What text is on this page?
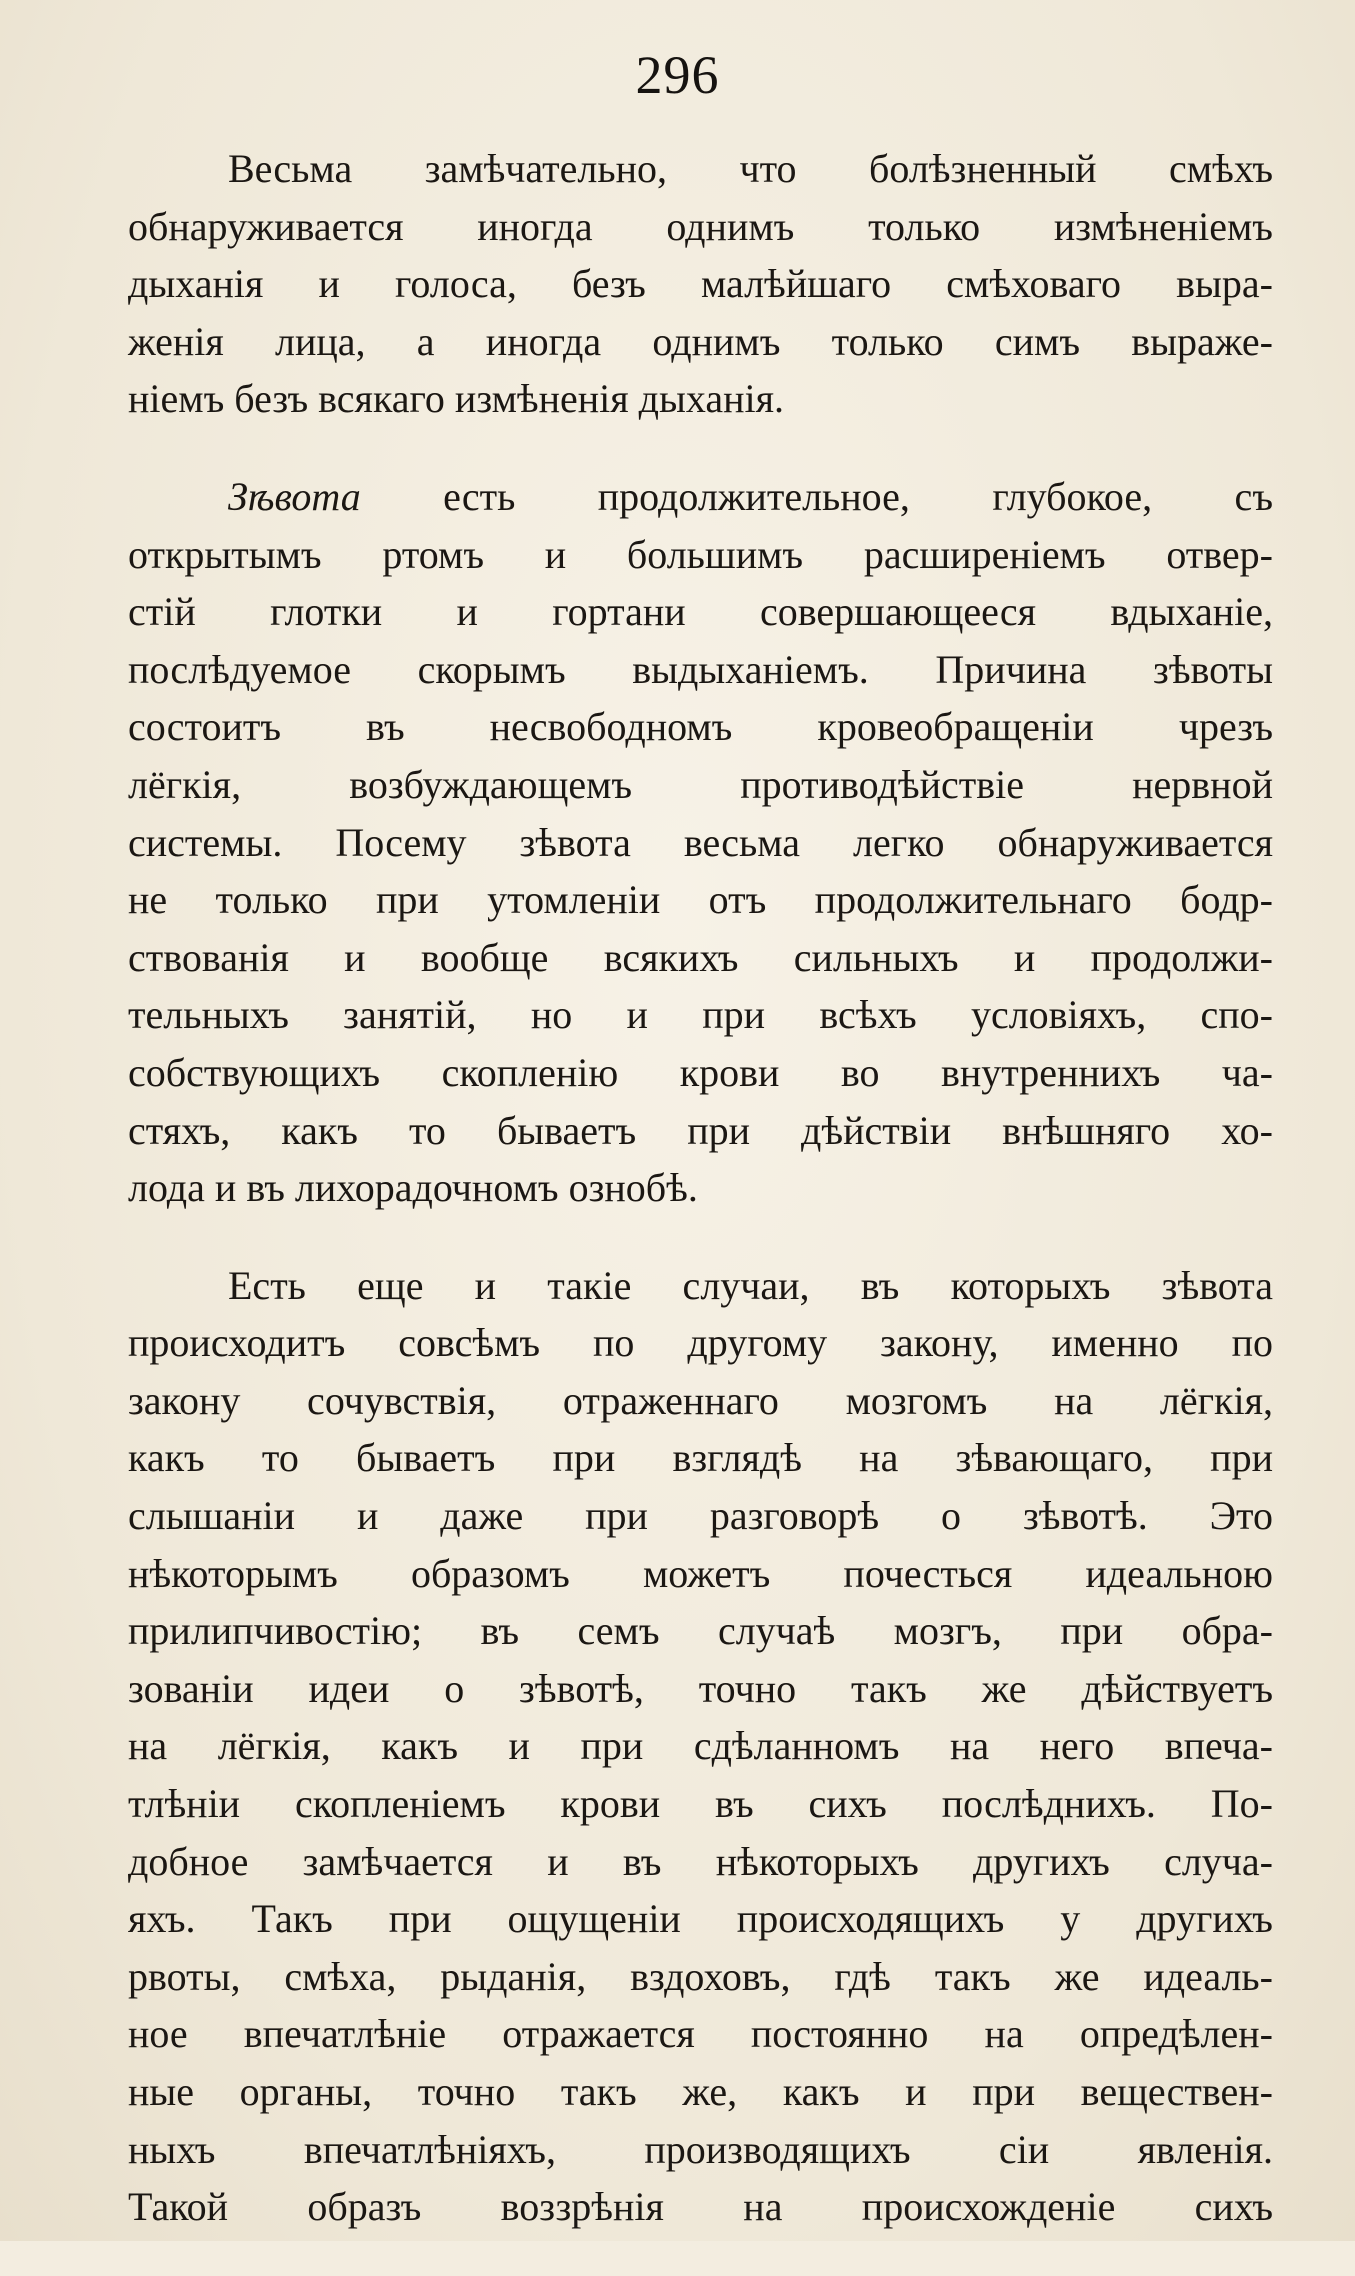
296
Весьма замѣчательно, что болѣзненный смѣхъ
обнаруживается иногда однимъ только измѣненіемъ
дыханія и голоса, безъ малѣйшаго смѣховаго выра-
женія лица, а иногда однимъ только симъ выраже-
ніемъ безъ всякаго измѣненія дыханія.
Зѣвота есть продолжительное, глубокое, съ
открытымъ ртомъ и большимъ расширеніемъ отвер-
стій глотки и гортани совершающееся вдыханіе,
послѣдуемое скорымъ выдыханіемъ. Причина зѣвоты
состоитъ въ несвободномъ кровеобращеніи чрезъ
лёгкія, возбуждающемъ противодѣйствіе нервной
системы. Посему зѣвота весьма легко обнаруживается
не только при утомленіи отъ продолжительнаго бодр-
ствованія и вообще всякихъ сильныхъ и продолжи-
тельныхъ занятій, но и при всѣхъ условіяхъ, спо-
собствующихъ скопленію крови во внутреннихъ ча-
стяхъ, какъ то бываетъ при дѣйствіи внѣшняго хо-
лода и въ лихорадочномъ ознобѣ.
Есть еще и такіе случаи, въ которыхъ зѣвота
происходитъ совсѣмъ по другому закону, именно по
закону сочувствія, отраженнаго мозгомъ на лёгкія,
какъ то бываетъ при взглядѣ на зѣвающаго, при
слышаніи и даже при разговорѣ о зѣвотѣ. Это
нѣкоторымъ образомъ можетъ почесться идеальною
прилипчивостію; въ семъ случаѣ мозгъ, при обра-
зованіи идеи о зѣвотѣ, точно такъ же дѣйствуетъ
на лёгкія, какъ и при сдѣланномъ на него впеча-
тлѣніи скопленіемъ крови въ сихъ послѣднихъ. По-
добное замѣчается и въ нѣкоторыхъ другихъ случа-
яхъ. Такъ при ощущеніи происходящихъ у другихъ
рвоты, смѣха, рыданія, вздоховъ, гдѣ такъ же идеаль-
ное впечатлѣніе отражается постоянно на опредѣлен-
ные органы, точно такъ же, какъ и при веществен-
ныхъ впечатлѣніяхъ, производящихъ сіи явленія.
Такой образъ воззрѣнія на происхожденіе сихъ
